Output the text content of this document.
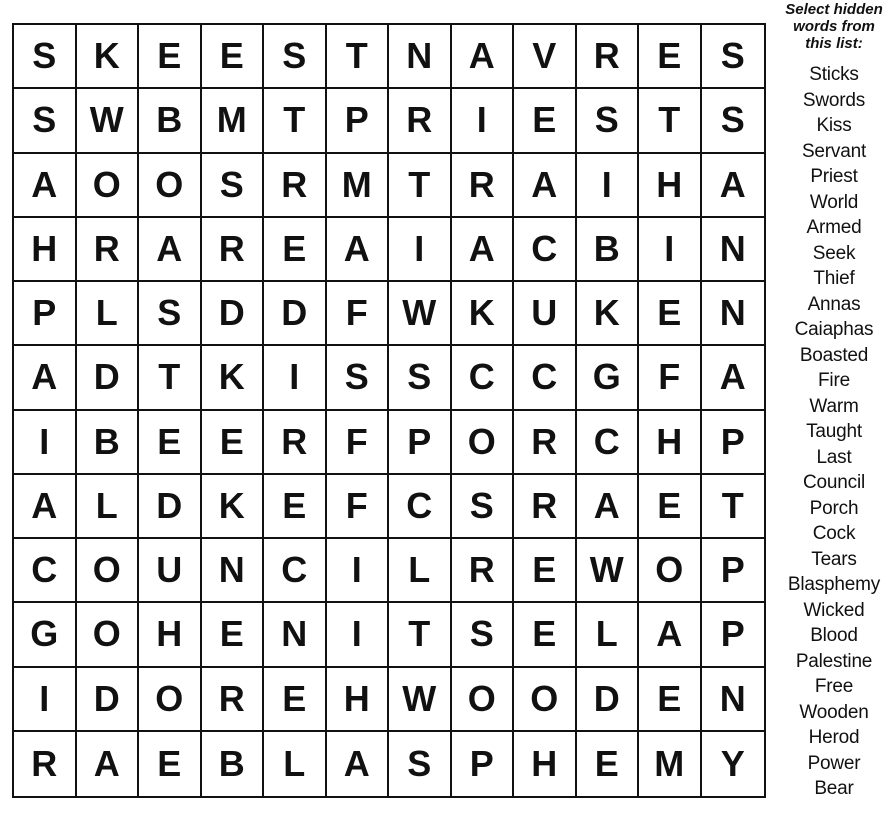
S	K	E	E	S	T	N	A	V	R	E	S
S W B M	T	P	R	I	E	S	T	S
A O O	S	R M	T	R	A	I	H	A
H	R	A	R	E	A	I	A	C	B	I	N
P	L	S	D	D	F W K	U	K	E	N
A	D	T	K	I	S	S	C	C G	F	A
I	B	E	E	R	F	P	O R	C	H	P
A	L	D	K	E	F	C	S	R	A	E	T
C O U	N	C	I	L	R	E W O	P
G O H	E	N	I	T	S	E	L	A	P
I	D O R	E	H W O O D	E	N
R	A	E	B	L	A	S	P	H	E M	Y
Select hidden words from this list:
Sticks
Swords
Kiss
Servant
Priest
World
Armed
Seek
Thief
Annas
Caiaphas
Boasted
Fire
Warm
Taught
Last
Council
Porch
Cock
Tears
Blasphemy
Wicked
Blood
Palestine
Free
Wooden
Herod
Power
Bear
